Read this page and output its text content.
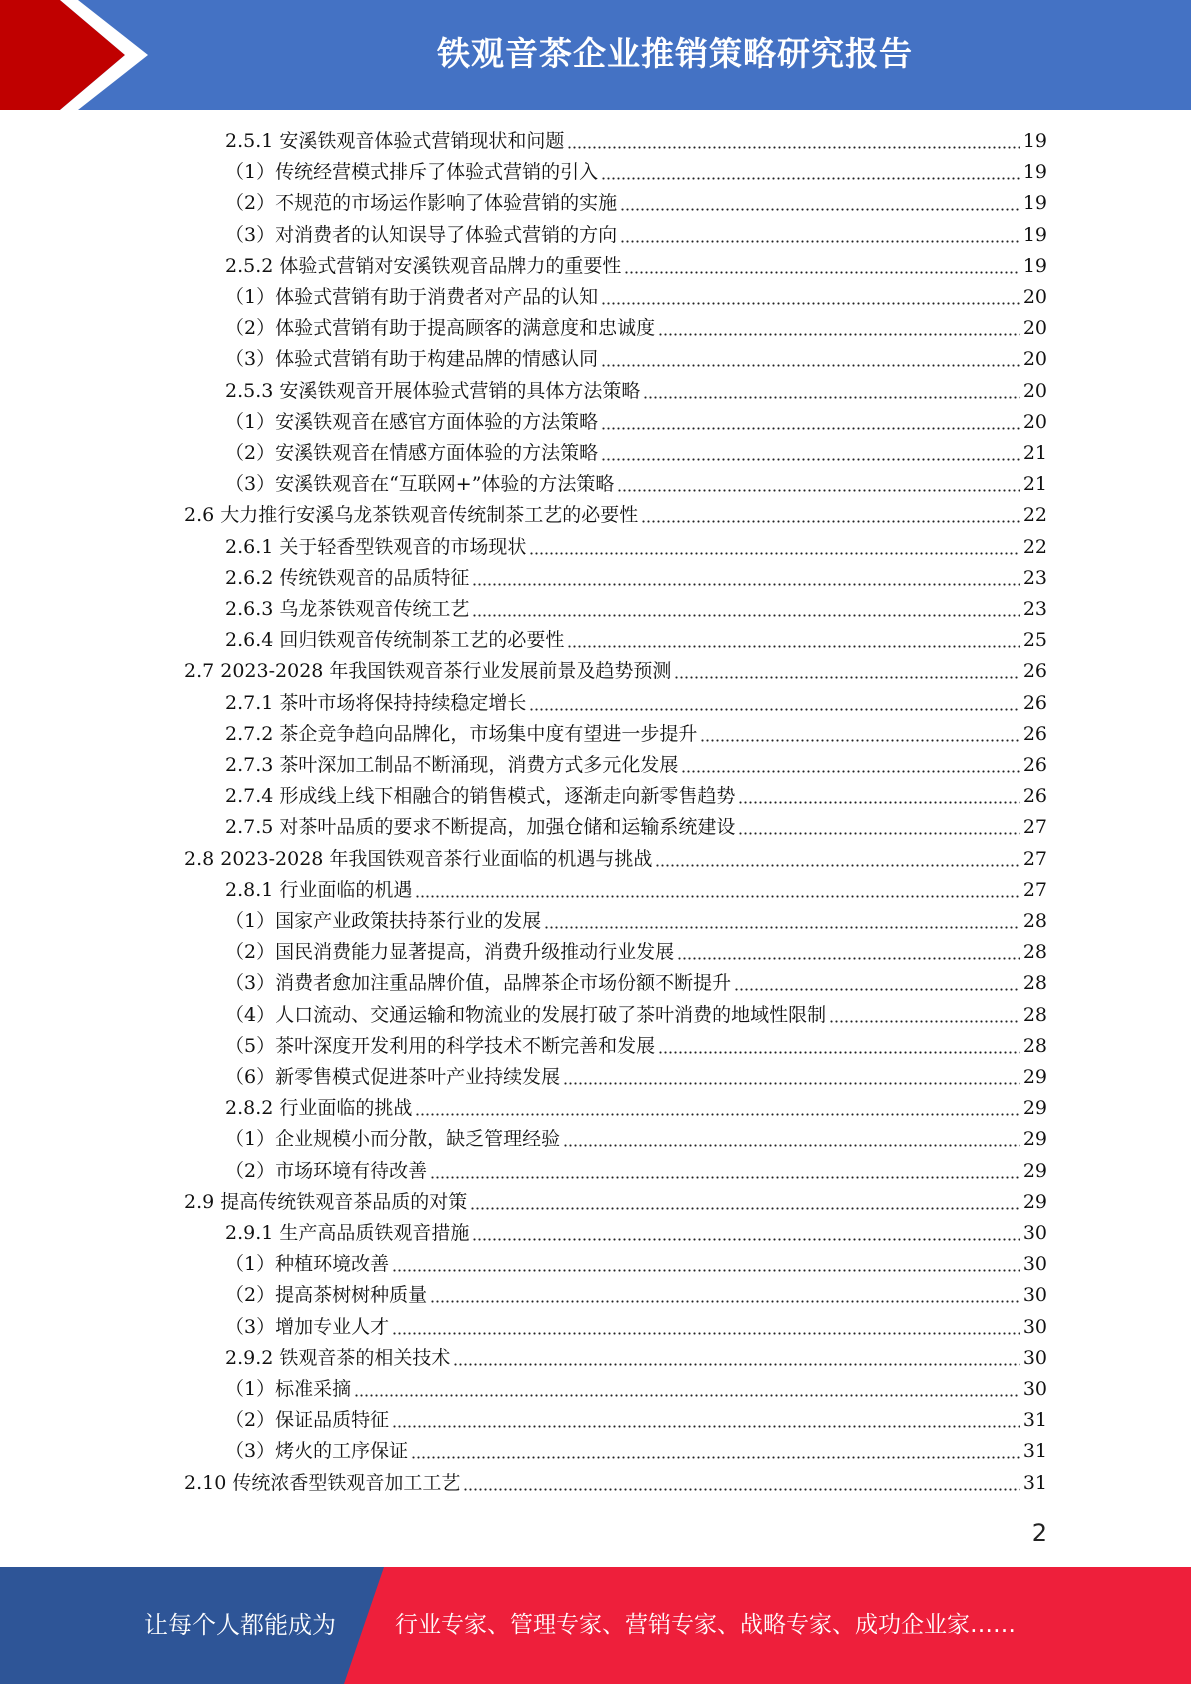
铁观音茶企业推销策略研究报告
2.5.1 安溪铁观音体验式营销现状和问题	19
（1）传统经营模式排斥了体验式营销的引入	19
（2）不规范的市场运作影响了体验营销的实施	19
（3）对消费者的认知误导了体验式营销的方向	19
2.5.2 体验式营销对安溪铁观音品牌力的重要性	19
（1）体验式营销有助于消费者对产品的认知	20
（2）体验式营销有助于提高顾客的满意度和忠诚度	20
（3）体验式营销有助于构建品牌的情感认同	20
2.5.3 安溪铁观音开展体验式营销的具体方法策略	20
（1）安溪铁观音在感官方面体验的方法策略	20
（2）安溪铁观音在情感方面体验的方法策略	21
（3）安溪铁观音在“互联网+”体验的方法策略	21
2.6 大力推行安溪乌龙茶铁观音传统制茶工艺的必要性	22
2.6.1 关于轻香型铁观音的市场现状	22
2.6.2 传统铁观音的品质特征	23
2.6.3 乌龙茶铁观音传统工艺	23
2.6.4 回归铁观音传统制茶工艺的必要性	25
2.7 2023-2028 年我国铁观音茶行业发展前景及趋势预测	26
2.7.1 茶叶市场将保持持续稳定增长	26
2.7.2 茶企竞争趋向品牌化，市场集中度有望进一步提升	26
2.7.3 茶叶深加工制品不断涌现，消费方式多元化发展	26
2.7.4 形成线上线下相融合的销售模式，逐渐走向新零售趋势	26
2.7.5 对茶叶品质的要求不断提高，加强仓储和运输系统建设	27
2.8 2023-2028 年我国铁观音茶行业面临的机遇与挑战	27
2.8.1 行业面临的机遇	27
（1）国家产业政策扶持茶行业的发展	28
（2）国民消费能力显著提高，消费升级推动行业发展	28
（3）消费者愈加注重品牌价值，品牌茶企市场份额不断提升	28
（4）人口流动、交通运输和物流业的发展打破了茶叶消费的地域性限制	28
（5）茶叶深度开发利用的科学技术不断完善和发展	28
（6）新零售模式促进茶叶产业持续发展	29
2.8.2 行业面临的挑战	29
（1）企业规模小而分散，缺乏管理经验	29
（2）市场环境有待改善	29
2.9 提高传统铁观音茶品质的对策	29
2.9.1 生产高品质铁观音措施	30
（1）种植环境改善	30
（2）提高茶树树种质量	30
（3）增加专业人才	30
2.9.2 铁观音茶的相关技术	30
（1）标准采摘	30
（2）保证品质特征	31
（3）烤火的工序保证	31
2.10 传统浓香型铁观音加工工艺	31
2
让每个人都能成为	行业专家、管理专家、营销专家、战略专家、成功企业家……
